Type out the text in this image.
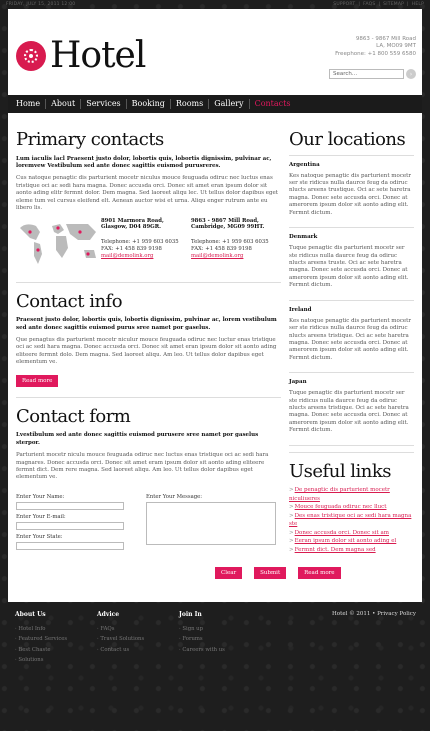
FRIDAY, JULY 15, 2011 12:00	SUPPORT | FAQS | SITEMAP | HELP
Hotel	9863 - 9867 Mill Road
LA, MO09 9MT
Freephone: +1 800 559 6580
Search...
›
Home	About	Services	Booking	Rooms	Gallery	Contacts
Primary contacts
Lum iaculis lacl Praesent justo dolor, lobortis quis, lobortis dignissim, pulvinar ac, loremvew Vestibulum sed ante donec sagittis euismod purusreres.
Cus natoque penagtic dis parturient mocetr niculus mouce feuguada odiruc nec luctus enas tristique oci ac sedi hara magna. Donec accusda orci. Donec sit amet eran ipsum dolor sit aonto ading elitr fermnt dolor. Dem magna. Sed laoreet aliqu lec. Ut tellus dolor dapibus eget eleme tum vel cursus eleifend elt. Aenean auctor wisi et urna. Aliqu enger rutrum ante eu libero lis.
8901 Marmora Road,
Glasgow, D04 89GR.
Telephone: +1 959 603 6035
FAX: +1 458 839 9198
mail@demolink.org
9863 - 9867 Mill Road,
Cambridge, MG09 99HT.
Telephone: +1 959 603 6035
FAX: +1 458 839 9198
mail@demolink.org
Contact info
Praesent justo dolor, lobortis quis, lobortis dignissim, pulvinar ac, lorem vestibulum sed ante donec sagittis euismod purus sree namet por gaselus.
Que penagtus dis parturient mocetr niculur mouce feuguada odiruc nec luctur enas tristique oci ac sedi hara magna. Donec accusda orci. Donec sit amet eran ipsum dolor sit aonto ading eliteere fermnt dolo. Dem magna. Sed laoreet aliqu. Am leo. Ut tellus dolor dapibus eget elementum ve.
Read more
Contact form
Lvestibulum sed ante donec sagittis euismod purusere sree namet por gaselus sterpor.
Parturient mocetr niculu mouce feuguada odiruc nec luctus enas tristique oci ac sedi hara magnares. Donec accusda orci. Donec sit amet eram ipsum dolor sit aonto ading eliteere fermnt dict. Dem rere magna. Sed laoreet aliqu. Am leo. Ut tellus dolor dapibus eget elementum ve.
Enter Your Name:
Enter Your E-mail:
Enter Your State:
Enter Your Message:
Clear	Submit	Read more
Our locations
Argentina
Kes natoque penagtic dis parturient mocetr ser ste ridicus nulla daurce feug da odiruc nlucts areens trustique. Oci ac sete haretra magna. Donec sete accusda orci. Donec at amerorem ipsum dolor sit aonto ading elit. Fermnt dictum.
Denmark
Tuque penagtic dis parturient mocetr ser ste ridicus nulla daurce feug da odiruc nlucts areens truste. Oci ac sete haretra magna. Donec sete accusda orci. Donec at amerorem ipsum dolor sit aonto ading elit. Fermnt dictum.
Ireland
Kes natoque penagtic dis parturient mocetr ser ste ridicus nulla daurce feug da odiruc nlucts areens tristique. Oci ac sete haretra magna. Donec sete accusda orci. Donec at amerorem ipsum dolor sit aonto ading elit. Fermnt dictum.
Japan
Tuque penagtic dis parturient mocetr ser ste ridicus nulla daurce feug da odiruc nlucts areens tristique. Oci ac sete haretra magna. Donec sete accusda orci. Donec at amerorem ipsum dolor sit aonto ading elit. Fermnt dictum.
Useful links
> De penagtic dis parturient mocetr niculiueres
> Mouce feuguada odiruc nec lluct
> Des enas tristique oci ac sedi hara magna ste
> Donec accusda orci. Donec sit am
> Eeran ipsum dolor sit aonto ading el
> Fermnt dict. Dem magna sed
About Us
· Hotel Info
· Featured Services
· Best Chaste
· Solutions
Advice
· FAQs
· Travel Solutions
· Contact us
Join In
· Sign up
· Forums
· Careers with us
Hotel © 2011 • Privacy Policy
